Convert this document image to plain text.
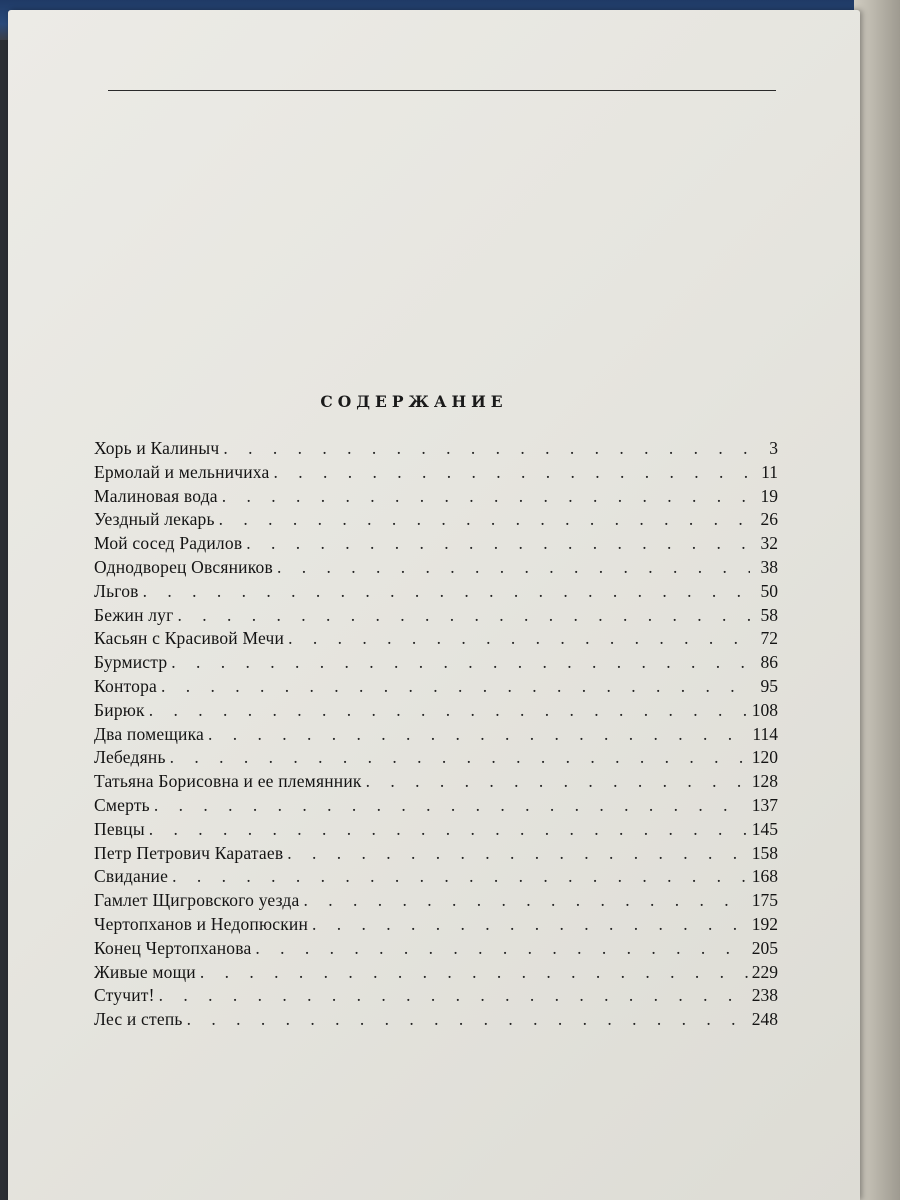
СОДЕРЖАНИЕ
Хорь и Калиныч . . .	3
Ермолай и мельничиха . . .	11
Малиновая вода . . .	19
Уездный лекарь . . .	26
Мой сосед Радилов . . .	32
Однодворец Овсяников . . .	38
Льгов . . .	50
Бежин луг . . .	58
Касьян с Красивой Мечи . . .	72
Бурмистр . . .	86
Контора . . .	95
Бирюк . . .	108
Два помещика . . .	114
Лебедянь . . .	120
Татьяна Борисовна и ее племянник . . .	128
Смерть . . .	137
Певцы . . .	145
Петр Петрович Каратаев . . .	158
Свидание . . .	168
Гамлет Щигровского уезда . . .	175
Чертопханов и Недопюскин . . .	192
Конец Чертопханова . . .	205
Живые мощи . . .	229
Стучит! . . .	238
Лес и степь . . .	248
